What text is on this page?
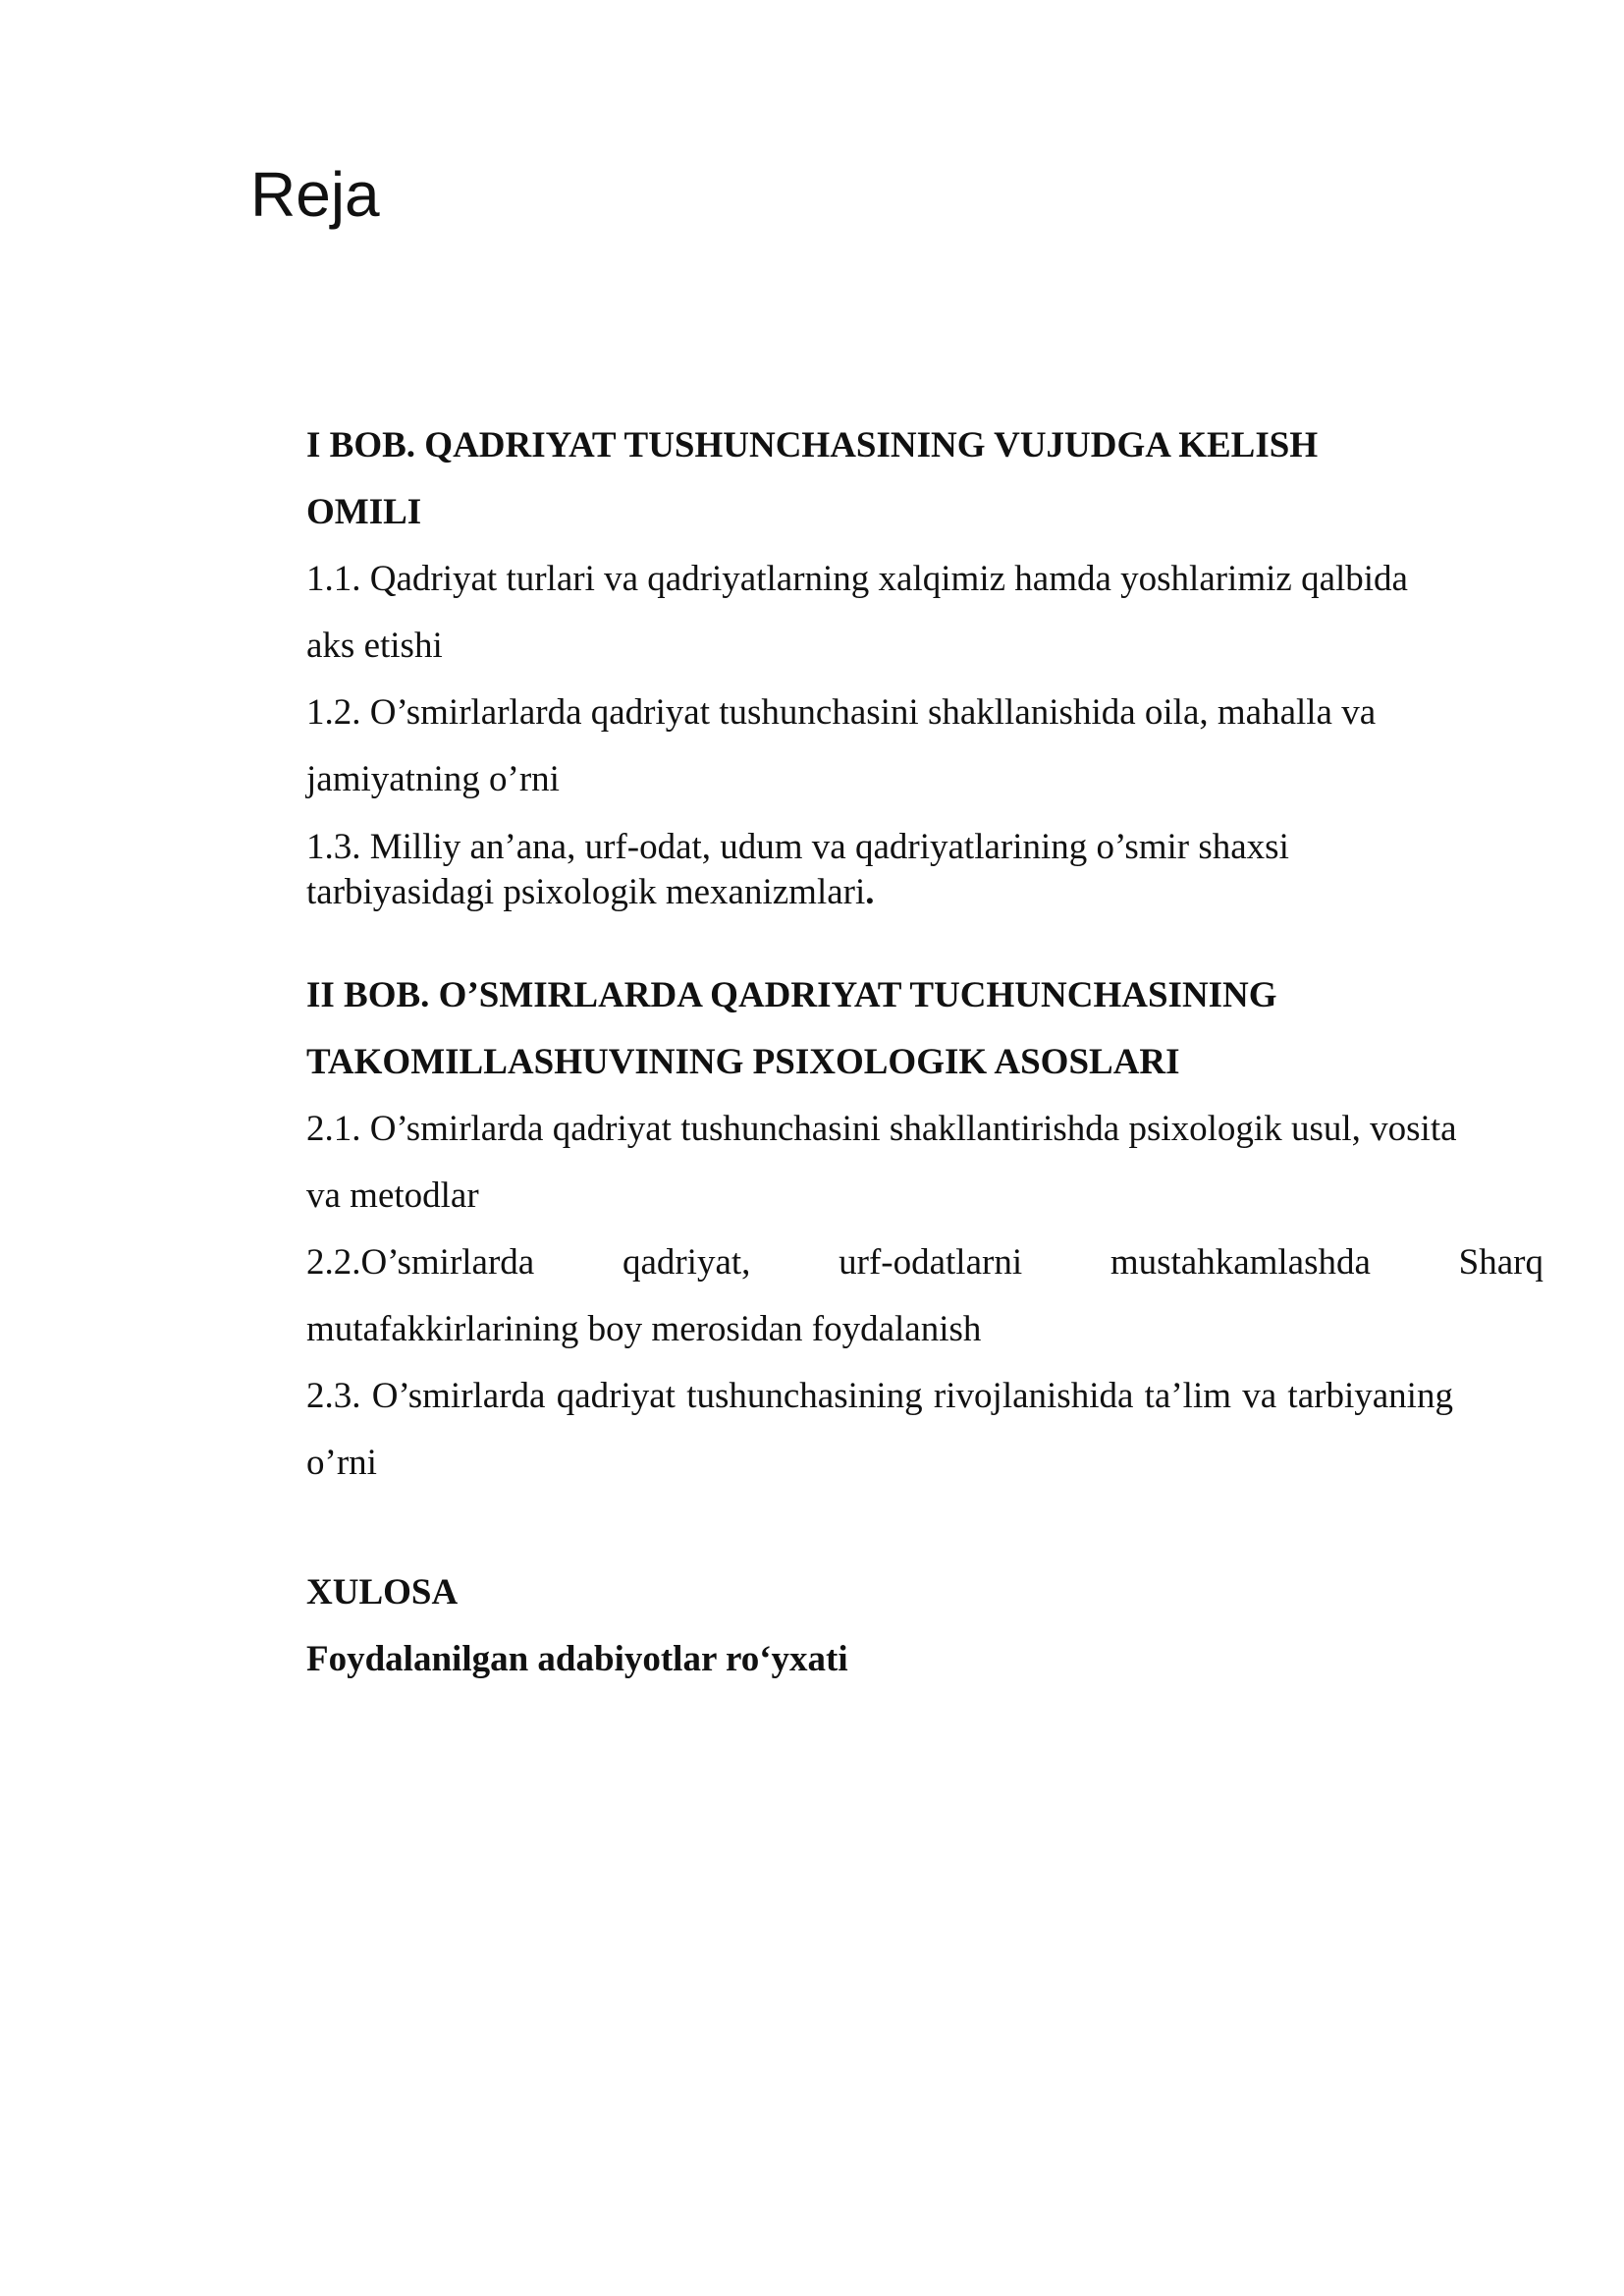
Reja
I BOB. QADRIYAT TUSHUNCHASINING VUJUDGA KELISH
OMILI
1.1. Qadriyat turlari va qadriyatlarning xalqimiz hamda yoshlarimiz qalbida
aks etishi
1.2. O’smirlarlarda qadriyat tushunchasini shakllanishida oila, mahalla va
jamiyatning o’rni
1.3. Milliy an’ana, urf-odat, udum va qadriyatlarining o’smir shaxsi
tarbiyasidagi psixologik mexanizmlari.
II BOB. O’SMIRLARDA QADRIYAT TUCHUNCHASINING
TAKOMILLASHUVINING PSIXOLOGIK ASOSLARI
2.1. O’smirlarda qadriyat tushunchasini shakllantirishda psixologik usul, vosita
va metodlar
2.2.O’smirlarda qadriyat, urf-odatlarni mustahkamlashda Sharq
mutafakkirlarining boy merosidan foydalanish
2.3. O’smirlarda qadriyat tushunchasining rivojlanishida ta’lim va tarbiyaning
o’rni
XULOSA
Foydalanilgan adabiyotlar ro‘yxati
